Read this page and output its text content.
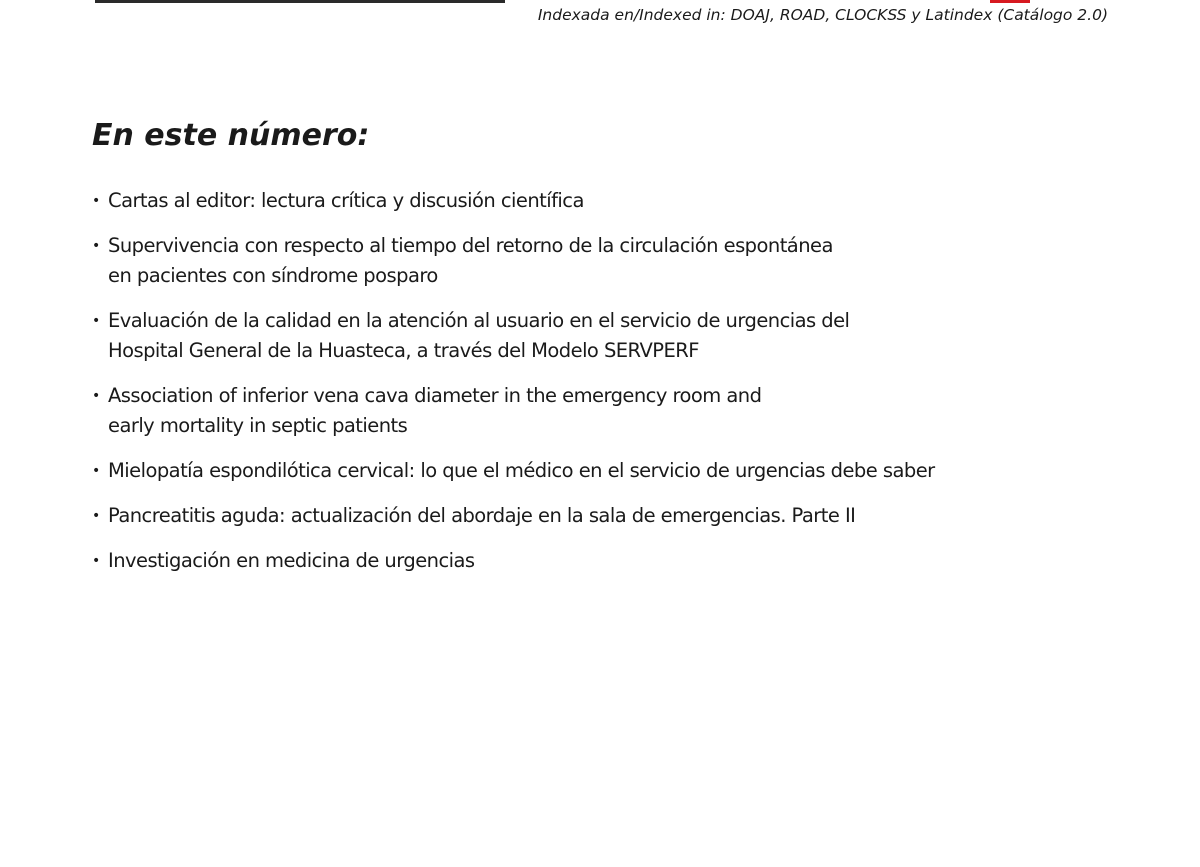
Indexada en/Indexed in: DOAJ, ROAD, CLOCKSS y Latindex (Catálogo 2.0)
En este número:
• Cartas al editor: lectura crítica y discusión científica
• Supervivencia con respecto al tiempo del retorno de la circulación espontánea
en pacientes con síndrome posparo
• Evaluación de la calidad en la atención al usuario en el servicio de urgencias del
Hospital General de la Huasteca, a través del Modelo SERVPERF
• Association of inferior vena cava diameter in the emergency room and
early mortality in septic patients
• Mielopatía espondilótica cervical: lo que el médico en el servicio de urgencias debe saber
• Pancreatitis aguda: actualización del abordaje en la sala de emergencias. Parte II
• Investigación en medicina de urgencias
